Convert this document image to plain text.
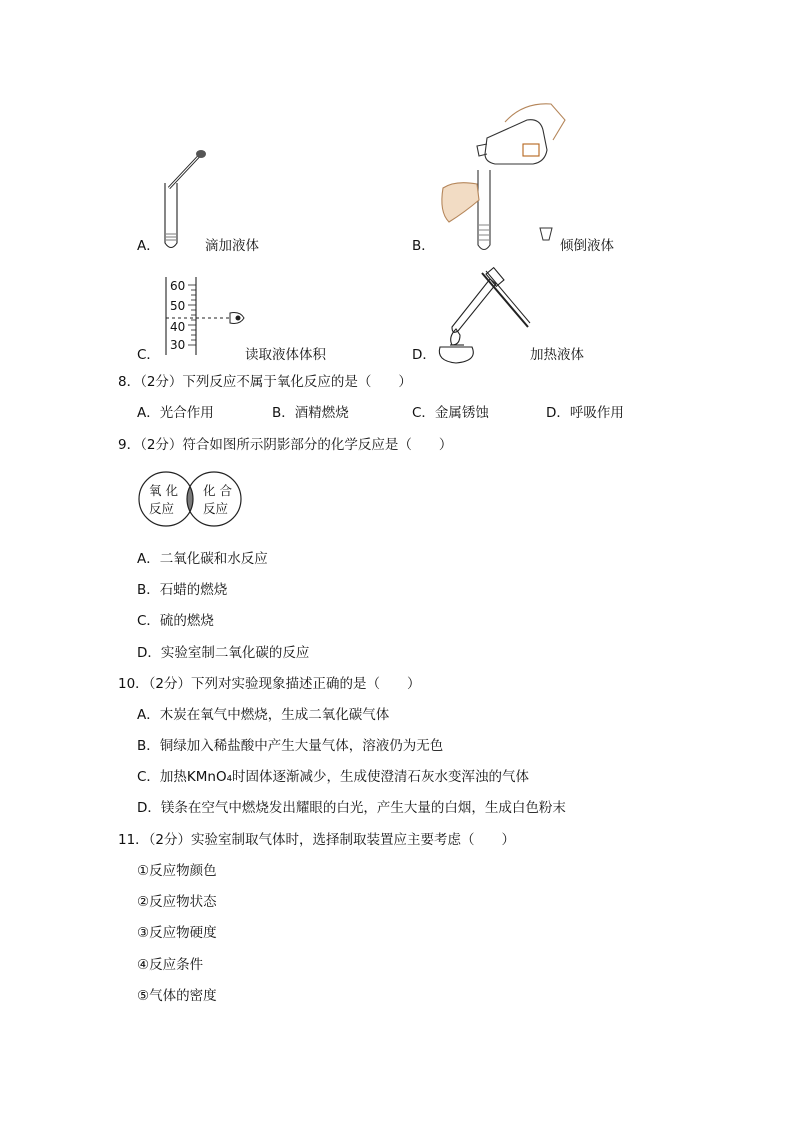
A．	滴加液体	B．	倾倒液体
60
50
40
30
C．	读取液体体积	D．	加热液体
8．（2分）下列反应不属于氧化反应的是（　　）
A．光合作用	B．酒精燃烧	C．金属锈蚀	D．呼吸作用
9．（2分）符合如图所示阴影部分的化学反应是（　　）
氧 化
反应
化 合
反应
A．二氧化碳和水反应
B．石蜡的燃烧
C．硫的燃烧
D．实验室制二氧化碳的反应
10．（2分）下列对实验现象描述正确的是（　　）
A．木炭在氧气中燃烧，生成二氧化碳气体
B．铜绿加入稀盐酸中产生大量气体，溶液仍为无色
C．加热KMnO₄时固体逐渐减少，生成使澄清石灰水变浑浊的气体
D．镁条在空气中燃烧发出耀眼的白光，产生大量的白烟，生成白色粉末
11．（2分）实验室制取气体时，选择制取装置应主要考虑（　　）
①反应物颜色
②反应物状态
③反应物硬度
④反应条件
⑤气体的密度
